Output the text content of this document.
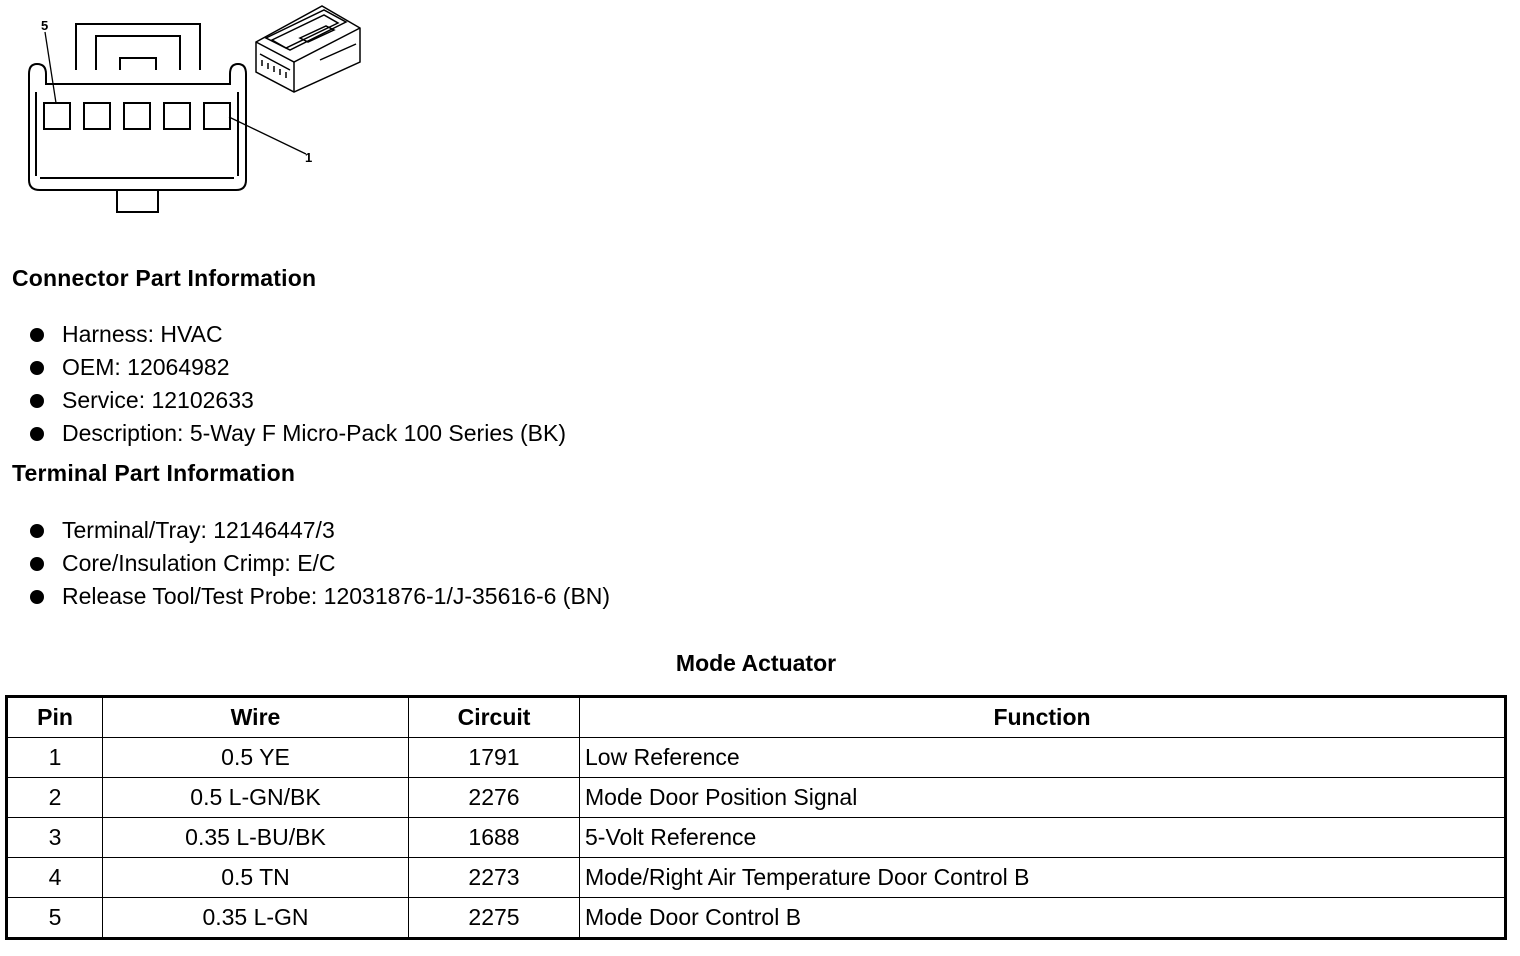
5
1
Connector Part Information
Harness: HVAC
OEM: 12064982
Service: 12102633
Description: 5-Way F Micro-Pack 100 Series (BK)
Terminal Part Information
Terminal/Tray: 12146447/3
Core/Insulation Crimp: E/C
Release Tool/Test Probe: 12031876-1/J-35616-6 (BN)
Mode Actuator
Pin	Wire	Circuit	Function
1	0.5 YE	1791	Low Reference
2	0.5 L-GN/BK	2276	Mode Door Position Signal
3	0.35 L-BU/BK	1688	5-Volt Reference
4	0.5 TN	2273	Mode/Right Air Temperature Door Control B
5	0.35 L-GN	2275	Mode Door Control B
